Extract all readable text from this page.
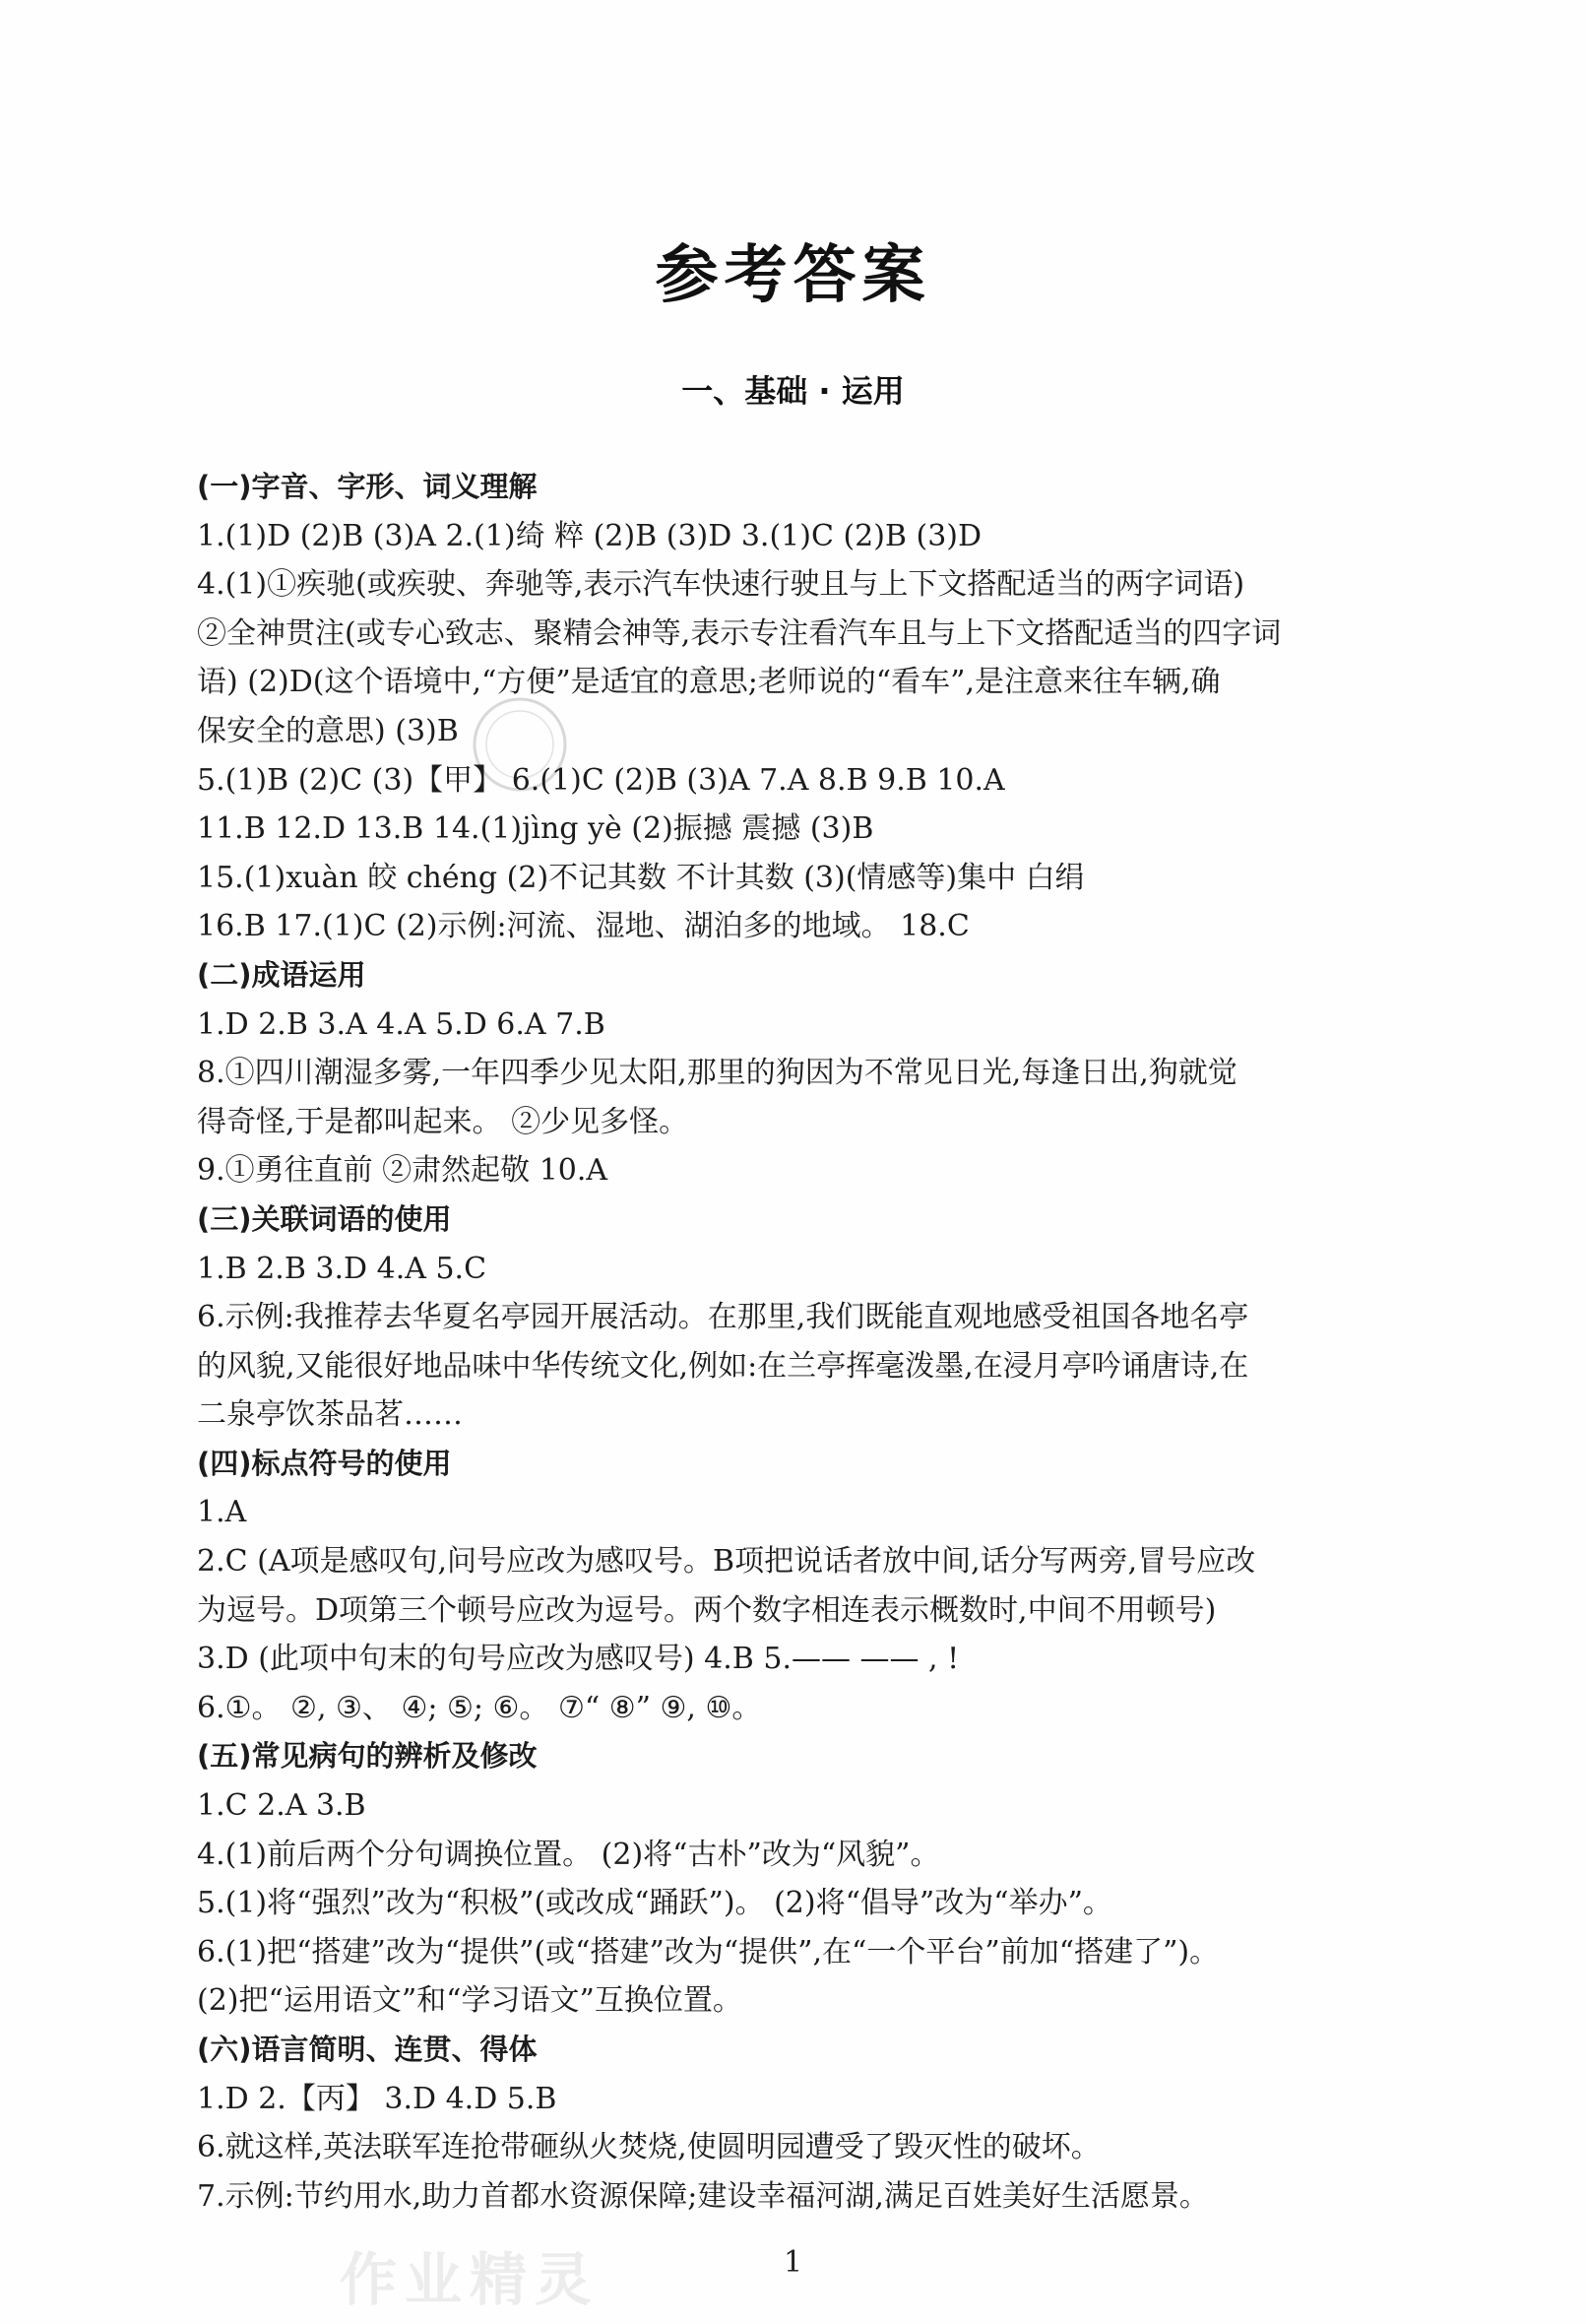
参考答案
一、基础 · 运用
(一)字音、字形、词义理解
1.(1)D (2)B (3)A 2.(1)绮 粹 (2)B (3)D 3.(1)C (2)B (3)D
4.(1)①疾驰(或疾驶、奔驰等,表示汽车快速行驶且与上下文搭配适当的两字词语)
②全神贯注(或专心致志、聚精会神等,表示专注看汽车且与上下文搭配适当的四字词
语) (2)D(这个语境中,“方便”是适宜的意思;老师说的“看车”,是注意来往车辆,确
保安全的意思) (3)B
5.(1)B (2)C (3)【甲】 6.(1)C (2)B (3)A 7.A 8.B 9.B 10.A
11.B 12.D 13.B 14.(1)jìng yè (2)振撼 震撼 (3)B
15.(1)xuàn 皎 chéng (2)不记其数 不计其数 (3)(情感等)集中 白绢
16.B 17.(1)C (2)示例:河流、湿地、湖泊多的地域。 18.C
(二)成语运用
1.D 2.B 3.A 4.A 5.D 6.A 7.B
8.①四川潮湿多雾,一年四季少见太阳,那里的狗因为不常见日光,每逢日出,狗就觉
得奇怪,于是都叫起来。 ②少见多怪。
9.①勇往直前 ②肃然起敬 10.A
(三)关联词语的使用
1.B 2.B 3.D 4.A 5.C
6.示例:我推荐去华夏名亭园开展活动。在那里,我们既能直观地感受祖国各地名亭
的风貌,又能很好地品味中华传统文化,例如:在兰亭挥毫泼墨,在浸月亭吟诵唐诗,在
二泉亭饮茶品茗……
(四)标点符号的使用
1.A
2.C (A项是感叹句,问号应改为感叹号。B项把说话者放中间,话分写两旁,冒号应改
为逗号。D项第三个顿号应改为逗号。两个数字相连表示概数时,中间不用顿号)
3.D (此项中句末的句号应改为感叹号) 4.B 5.—— —— , !
6.①。 ②, ③、 ④; ⑤; ⑥。 ⑦“ ⑧” ⑨, ⑩。
(五)常见病句的辨析及修改
1.C 2.A 3.B
4.(1)前后两个分句调换位置。 (2)将“古朴”改为“风貌”。
5.(1)将“强烈”改为“积极”(或改成“踊跃”)。 (2)将“倡导”改为“举办”。
6.(1)把“搭建”改为“提供”(或“搭建”改为“提供”,在“一个平台”前加“搭建了”)。
(2)把“运用语文”和“学习语文”互换位置。
(六)语言简明、连贯、得体
1.D 2.【丙】 3.D 4.D 5.B
6.就这样,英法联军连抢带砸纵火焚烧,使圆明园遭受了毁灭性的破坏。
7.示例:节约用水,助力首都水资源保障;建设幸福河湖,满足百姓美好生活愿景。
作业精灵	1
